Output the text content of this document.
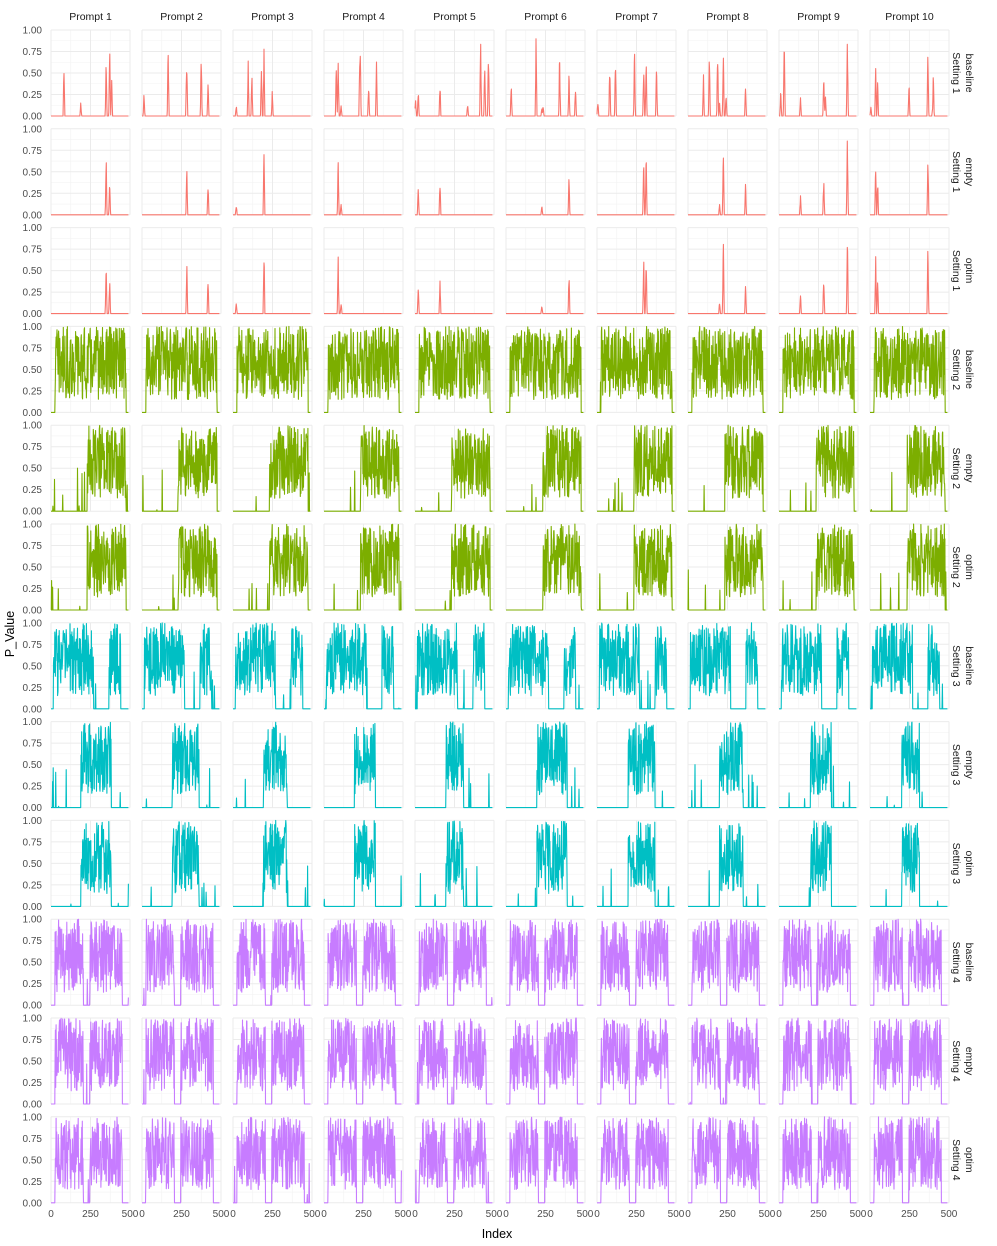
Prompt 1	Prompt 2	Prompt 3	Prompt 4	Prompt 5	Prompt 6	Prompt 7	Prompt 8	Prompt 9	Prompt 10
Setting 1 baseline
Setting 1 empty
Setting 1 optim
Setting 2 baseline
Setting 2 empty
Setting 2 optim
Setting 3 baseline
Setting 3 empty
Setting 3 optim
Setting 4 baseline
Setting 4 empty
Setting 4 optim
0.00
0.25
0.50
0.75
1.00
0.00
0.25
0.50
0.75
1.00
0.00
0.25
0.50
0.75
1.00
0.00
0.25
0.50
0.75
1.00
0.00
0.25
0.50
0.75
1.00
0.00
0.25
0.50
0.75
1.00
0.00
0.25
0.50
0.75
1.00
0.00
0.25
0.50
0.75
1.00
0.00
0.25
0.50
0.75
1.00
0.00
0.25
0.50
0.75
1.00
0.00
0.25
0.50
0.75
1.00
0.00
0.25
0.50
0.75
1.00
0	250 500 0	250 500 0	250 500 0	250 500 0	250 500 0	250 500 0	250 500 0	250 500 0	250 500 0	250 500
Index
P_Value
